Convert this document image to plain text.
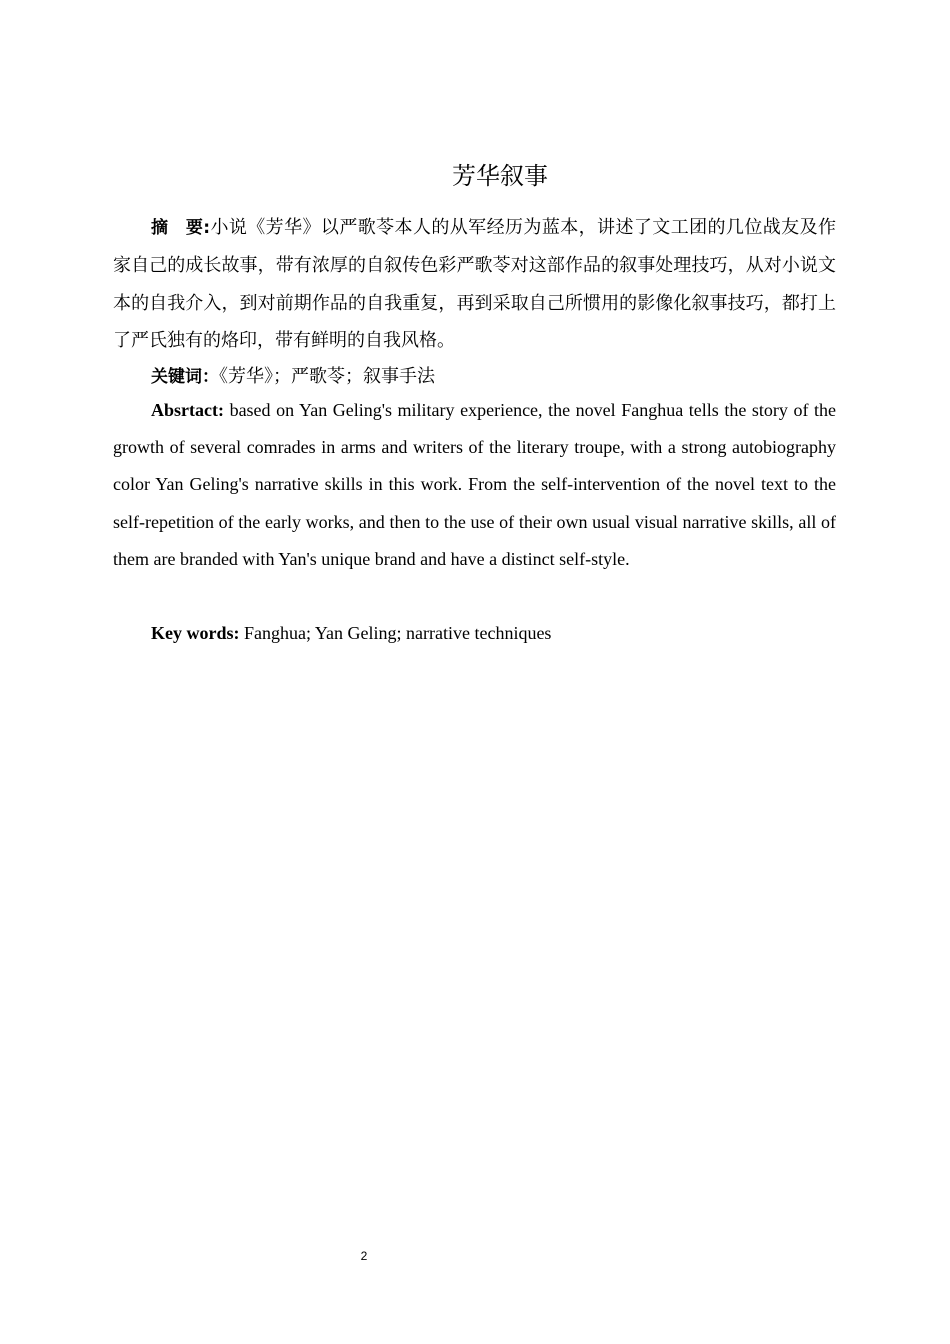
芳华叙事

摘　要:小说《芳华》以严歌苓本人的从军经历为蓝本，讲述了文工团的几位战友及作家自己的成长故事，带有浓厚的自叙传色彩严歌苓对这部作品的叙事处理技巧，从对小说文本的自我介入，到对前期作品的自我重复，再到采取自己所惯用的影像化叙事技巧，都打上了严氏独有的烙印，带有鲜明的自我风格。

关键词：《芳华》；严歌苓；叙事手法

Absrtact: based on Yan Geling's military experience, the novel Fanghua tells the story of the growth of several comrades in arms and writers of the literary troupe, with a strong autobiography color Yan Geling's narrative skills in this work. From the self-intervention of the novel text to the self-repetition of the early works, and then to the use of their own usual visual narrative skills, all of them are branded with Yan's unique brand and have a distinct self-style.

Key words: Fanghua; Yan Geling; narrative techniques

2
